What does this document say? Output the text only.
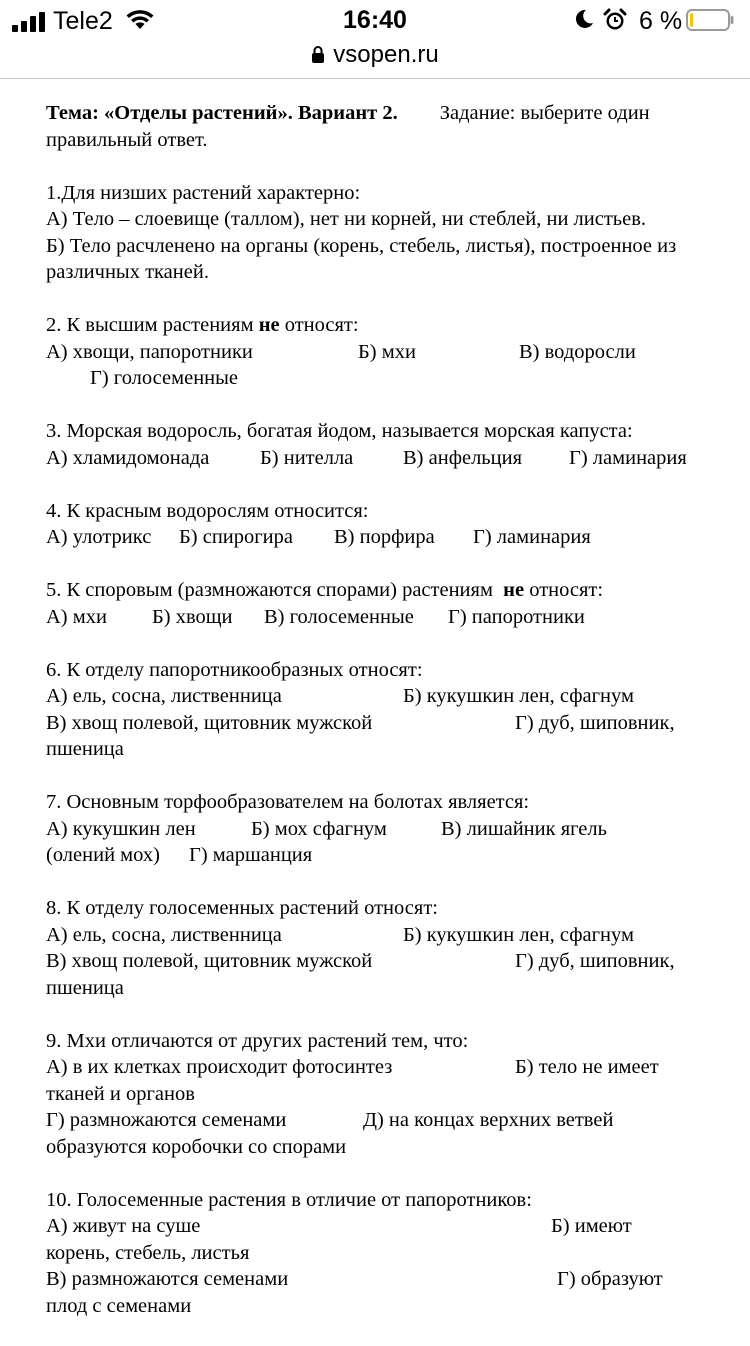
Tele2	16:40	6 %
vsopen.ru

Тема: «Отделы растений». Вариант 2. Задание: выберите один правильный ответ.

1.Для низших растений характерно:

А) Тело – слоевище (таллом), нет ни корней, ни стеблей, ни листьев.

Б) Тело расчленено на органы (корень, стебель, листья), построенное из различных тканей.

2. К высшим растениям не относят:

А) хвощи, папоротники	Б) мхи	В) водоросли

Г) голосеменные

3. Морская водоросль, богатая йодом, называется морская капуста:

А) хламидомонада Б) нителла В) анфельция Г) ламинария

4. К красным водорослям относится:

А) улотрикс Б) спирогира В) порфира Г) ламинария

5. К споровым (размножаются спорами) растениям  не относят:

А) мхи Б) хвощи В) голосеменные Г) папоротники

6. К отделу папоротникообразных относят:

А) ель, сосна, лиственница	Б) кукушкин лен, сфагнум

В) хвощ полевой, щитовник мужской	Г) дуб, шиповник,

пшеница

7. Основным торфообразователем на болотах является:

А) кукушкин лен	Б) мох сфагнум	В) лишайник ягель

(олений мох) Г) маршанция

8. К отделу голосеменных растений относят:

А) ель, сосна, лиственница	Б) кукушкин лен, сфагнум

В) хвощ полевой, щитовник мужской	Г) дуб, шиповник,

пшеница

9. Мхи отличаются от других растений тем, что:

А) в их клетках происходит фотосинтез	Б) тело не имеет

тканей и органов

Г) размножаются семенами	Д) на концах верхних ветвей

образуются коробочки со спорами

10. Голосеменные растения в отличие от папоротников:

А) живут на суше	Б) имеют

корень, стебель, листья

В) размножаются семенами	Г) образуют

плод с семенами
